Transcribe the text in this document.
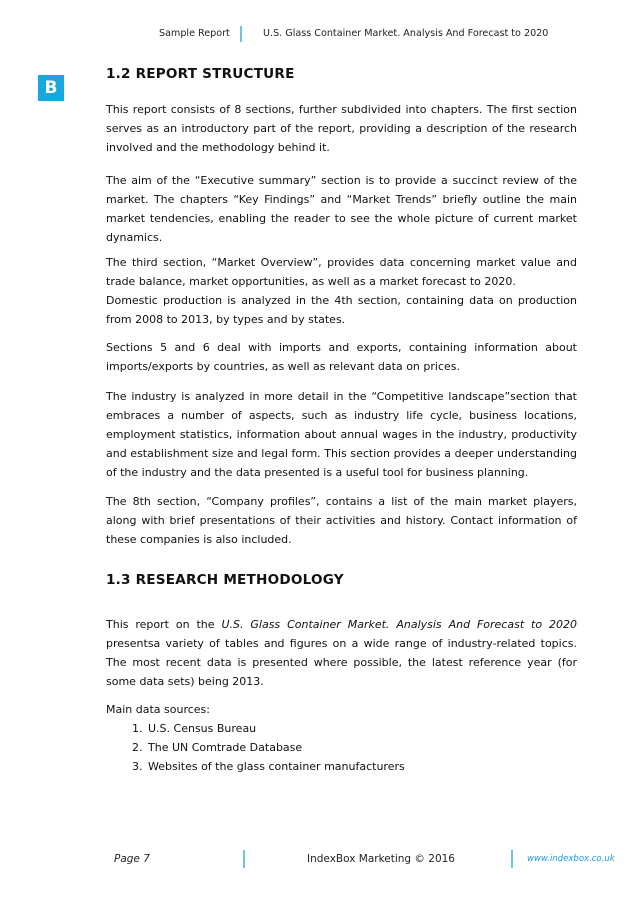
Sample Report	U.S. Glass Container Market. Analysis And Forecast to 2020
B
1.2 REPORT STRUCTURE

This report consists of 8 sections, further subdivided into chapters. The first section serves as an introductory part of the report, providing a description of the research involved and the methodology behind it.

The aim of the “Executive summary” section is to provide a succinct review of the market. The chapters “Key Findings” and “Market Trends” briefly outline the main market tendencies, enabling the reader to see the whole picture of current market dynamics.

The third section, “Market Overview”, provides data concerning market value and trade balance, market opportunities, as well as a market forecast to 2020.

Domestic production is analyzed in the 4th section, containing data on production from 2008 to 2013, by types and by states.

Sections 5 and 6 deal with imports and exports, containing information about imports/exports by countries, as well as relevant data on prices.

The industry is analyzed in more detail in the “Competitive landscape”section that embraces a number of aspects, such as industry life cycle, business locations, employment statistics, information about annual wages in the industry, productivity and establishment size and legal form. This section provides a deeper understanding of the industry and the data presented is a useful tool for business planning.

The 8th section, “Company profiles”, contains a list of the main market players, along with brief presentations of their activities and history. Contact information of these companies is also included.

1.3 RESEARCH METHODOLOGY

This report on the U.S. Glass Container Market. Analysis And Forecast to 2020 presentsa variety of tables and figures on a wide range of industry-related topics. The most recent data is presented where possible, the latest reference year (for some data sets) being 2013.

Main data sources:

1. U.S. Census Bureau
2. The UN Comtrade Database
3. Websites of the glass container manufacturers
Page 7	IndexBox Marketing © 2016	www.indexbox.co.uk
